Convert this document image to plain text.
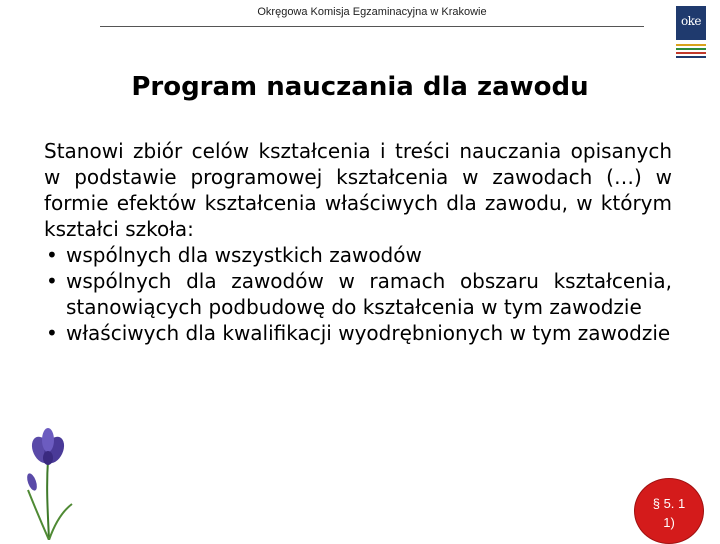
Okręgowa Komisja Egzaminacyjna w Krakowie
oke
Program nauczania dla zawodu

Stanowi zbiór celów kształcenia i treści nauczania opisanych w podstawie programowej kształcenia w zawodach (…) w formie efektów kształcenia właściwych dla zawodu, w którym kształci szkoła:

• wspólnych dla wszystkich zawodów
• wspólnych dla zawodów w ramach obszaru kształcenia, stanowiących podbudowę do kształcenia w tym zawodzie
• właściwych dla kwalifikacji wyodrębnionych w tym zawodzie
§ 5. 1
1)
